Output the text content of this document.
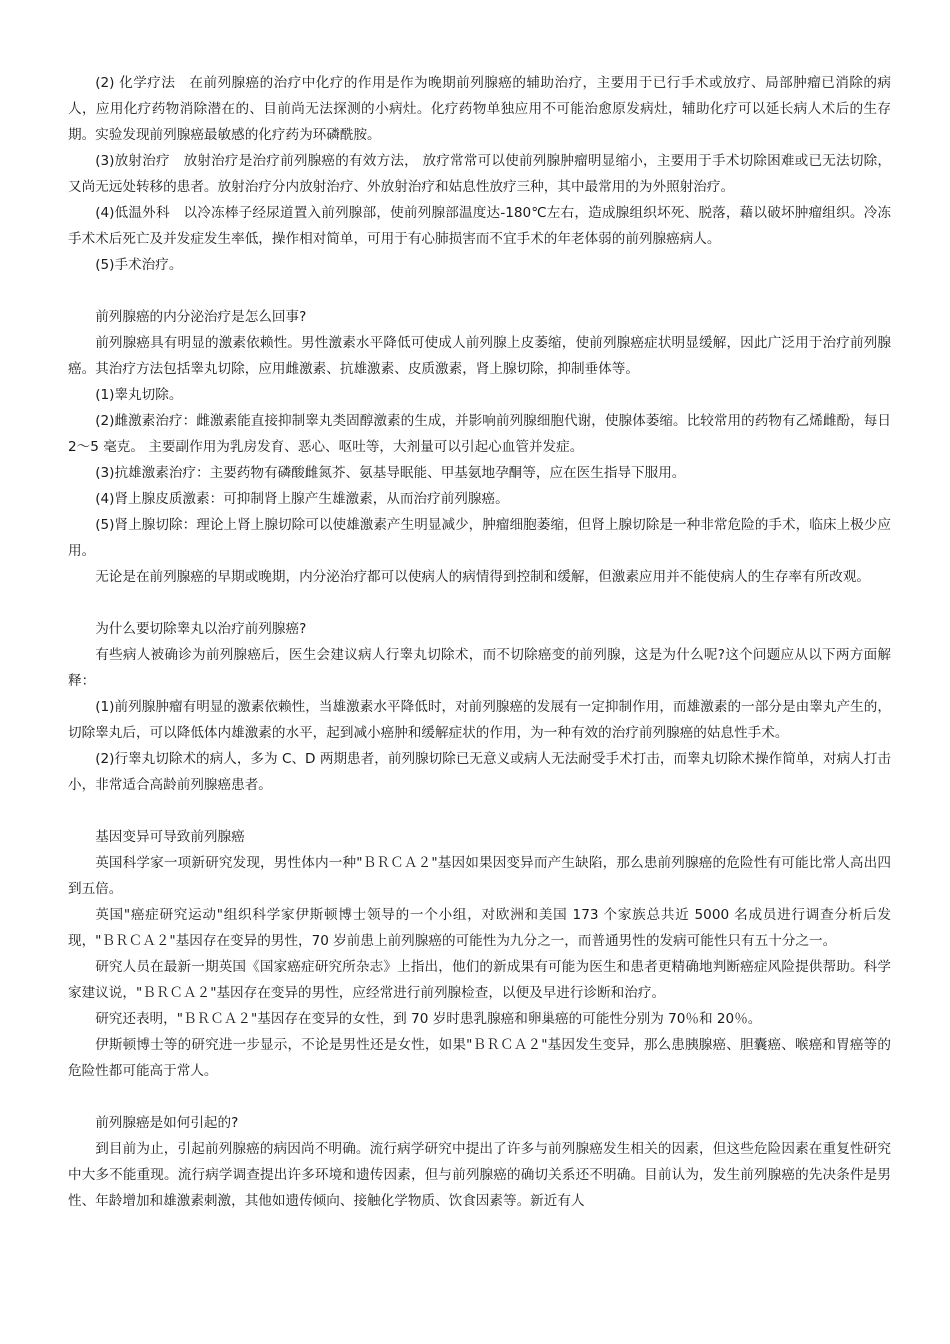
(2) 化学疗法　在前列腺癌的治疗中化疗的作用是作为晚期前列腺癌的辅助治疗，主要用于已行手术或放疗、局部肿瘤已消除的病人，应用化疗药物消除潜在的、目前尚无法探测的小病灶。化疗药物单独应用不可能治愈原发病灶，辅助化疗可以延长病人术后的生存期。实验发现前列腺癌最敏感的化疗药为环磷酰胺。

(3)放射治疗　放射治疗是治疗前列腺癌的有效方法， 放疗常常可以使前列腺肿瘤明显缩小，主要用于手术切除困难或已无法切除，又尚无远处转移的患者。放射治疗分内放射治疗、外放射治疗和姑息性放疗三种，其中最常用的为外照射治疗。

(4)低温外科　以冷冻棒子经尿道置入前列腺部，使前列腺部温度达-180℃左右，造成腺组织坏死、脱落，藉以破坏肿瘤组织。冷冻手术术后死亡及并发症发生率低，操作相对简单，可用于有心肺损害而不宜手术的年老体弱的前列腺癌病人。

(5)手术治疗。

前列腺癌的内分泌治疗是怎么回事?

前列腺癌具有明显的激素依赖性。男性激素水平降低可使成人前列腺上皮萎缩，使前列腺癌症状明显缓解，因此广泛用于治疗前列腺癌。其治疗方法包括睾丸切除，应用雌激素、抗雄激素、皮质激素，肾上腺切除，抑制垂体等。

(1)睾丸切除。

(2)雌激素治疗：雌激素能直接抑制睾丸类固醇激素的生成，并影响前列腺细胞代谢，使腺体萎缩。比较常用的药物有乙烯雌酚，每日 2～5 毫克。 主要副作用为乳房发育、恶心、呕吐等，大剂量可以引起心血管并发症。

(3)抗雄激素治疗：主要药物有磷酸雌氮芥、氨基导眠能、甲基氨地孕酮等，应在医生指导下服用。

(4)肾上腺皮质激素：可抑制肾上腺产生雄激素，从而治疗前列腺癌。

(5)肾上腺切除：理论上肾上腺切除可以使雄激素产生明显减少，肿瘤细胞萎缩，但肾上腺切除是一种非常危险的手术，临床上极少应用。

无论是在前列腺癌的早期或晚期，内分泌治疗都可以使病人的病情得到控制和缓解，但激素应用并不能使病人的生存率有所改观。

为什么要切除睾丸以治疗前列腺癌?

有些病人被确诊为前列腺癌后，医生会建议病人行睾丸切除术，而不切除癌变的前列腺，这是为什么呢?这个问题应从以下两方面解释：

(1)前列腺肿瘤有明显的激素依赖性，当雄激素水平降低时，对前列腺癌的发展有一定抑制作用，而雄激素的一部分是由睾丸产生的，切除睾丸后，可以降低体内雄激素的水平，起到减小癌肿和缓解症状的作用，为一种有效的治疗前列腺癌的姑息性手术。

(2)行睾丸切除术的病人，多为 C、D 两期患者，前列腺切除已无意义或病人无法耐受手术打击，而睾丸切除术操作简单，对病人打击小，非常适合高龄前列腺癌患者。

基因变异可导致前列腺癌

英国科学家一项新研究发现，男性体内一种"ＢＲＣＡ２"基因如果因变异而产生缺陷，那么患前列腺癌的危险性有可能比常人高出四到五倍。

英国"癌症研究运动"组织科学家伊斯顿博士领导的一个小组，对欧洲和美国 173 个家族总共近 5000 名成员进行调查分析后发现，"ＢＲＣＡ２"基因存在变异的男性，70 岁前患上前列腺癌的可能性为九分之一，而普通男性的发病可能性只有五十分之一。

研究人员在最新一期英国《国家癌症研究所杂志》上指出，他们的新成果有可能为医生和患者更精确地判断癌症风险提供帮助。科学家建议说，"ＢＲＣＡ２"基因存在变异的男性，应经常进行前列腺检查，以便及早进行诊断和治疗。

研究还表明，"ＢＲＣＡ２"基因存在变异的女性，到 70 岁时患乳腺癌和卵巢癌的可能性分别为 70％和 20％。

伊斯顿博士等的研究进一步显示，不论是男性还是女性，如果"ＢＲＣＡ２"基因发生变异，那么患胰腺癌、胆囊癌、喉癌和胃癌等的危险性都可能高于常人。

前列腺癌是如何引起的?

到目前为止，引起前列腺癌的病因尚不明确。流行病学研究中提出了许多与前列腺癌发生相关的因素，但这些危险因素在重复性研究中大多不能重现。流行病学调查提出许多环境和遗传因素，但与前列腺癌的确切关系还不明确。目前认为，发生前列腺癌的先决条件是男性、年龄增加和雄激素刺激，其他如遗传倾向、接触化学物质、饮食因素等。新近有人
